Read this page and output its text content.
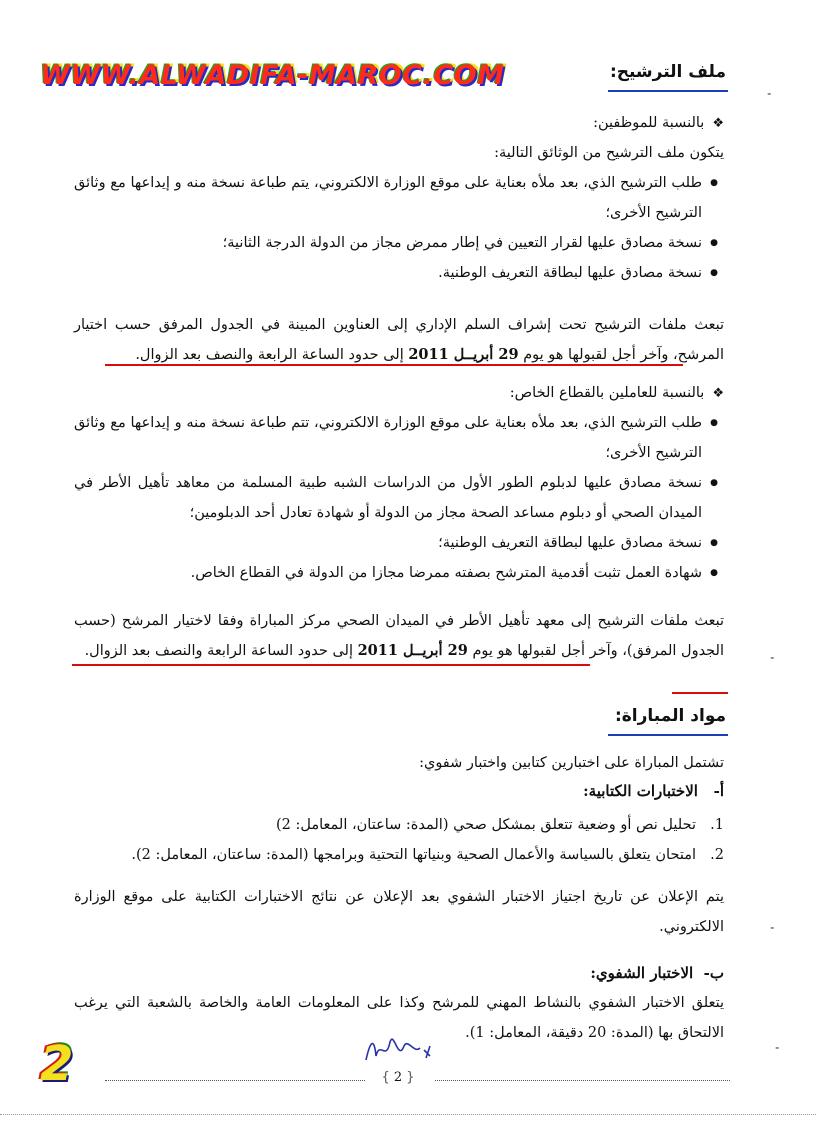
WWW.ALWADIFA-MAROC.COM	ملف الترشيح:
❖ بالنسبة للموظفين:
يتكون ملف الترشيح من الوثائق التالية:
● طلب الترشيح الذي، بعد ملأه بعناية على موقع الوزارة الالكتروني، يتم طباعة نسخة منه و إيداعها مع وثائق الترشيح الأخرى؛
● نسخة مصادق عليها لقرار التعيين في إطار ممرض مجاز من الدولة الدرجة الثانية؛
● نسخة مصادق عليها لبطاقة التعريف الوطنية.
تبعث ملفات الترشيح تحت إشراف السلم الإداري إلى العناوين المبينة في الجدول المرفق حسب اختيار المرشح، وآخر أجل لقبولها هو يوم 29 أبريــل 2011 إلى حدود الساعة الرابعة والنصف بعد الزوال.
❖ بالنسبة للعاملين بالقطاع الخاص:
● طلب الترشيح الذي، بعد ملأه بعناية على موقع الوزارة الالكتروني، تتم طباعة نسخة منه و إيداعها مع وثائق الترشيح الأخرى؛
● نسخة مصادق عليها لدبلوم الطور الأول من الدراسات الشبه طبية المسلمة من معاهد تأهيل الأطر في الميدان الصحي أو دبلوم مساعد الصحة مجاز من الدولة أو شهادة تعادل أحد الدبلومين؛
● نسخة مصادق عليها لبطاقة التعريف الوطنية؛
● شهادة العمل تثبت أقدمية المترشح بصفته ممرضا مجازا من الدولة في القطاع الخاص.
تبعث ملفات الترشيح إلى معهد تأهيل الأطر في الميدان الصحي مركز المباراة وفقا لاختيار المرشح (حسب الجدول المرفق)، وآخر أجل لقبولها هو يوم 29 أبريــل 2011 إلى حدود الساعة الرابعة والنصف بعد الزوال.
مواد المباراة:
تشتمل المباراة على اختبارين كتابين واختبار شفوي:
أ-   الاختبارات الكتابية:
1.تحليل نص أو وضعية تتعلق بمشكل صحي (المدة: ساعتان، المعامل: 2)
2.امتحان يتعلق بالسياسة والأعمال الصحية وبنياتها التحتية وبرامجها (المدة: ساعتان، المعامل: 2).
يتم الإعلان عن تاريخ اجتياز الاختبار الشفوي بعد الإعلان عن نتائج الاختبارات الكتابية على موقع الوزارة الالكتروني.
ب-  الاختبار الشفوي:
يتعلق الاختبار الشفوي بالنشاط المهني للمرشح وكذا على المعلومات العامة والخاصة بالشعبة التي يرغب الالتحاق بها (المدة: 20 دقيقة، المعامل: 1).
{ 2 }
2
˗
˗
˗
˗
